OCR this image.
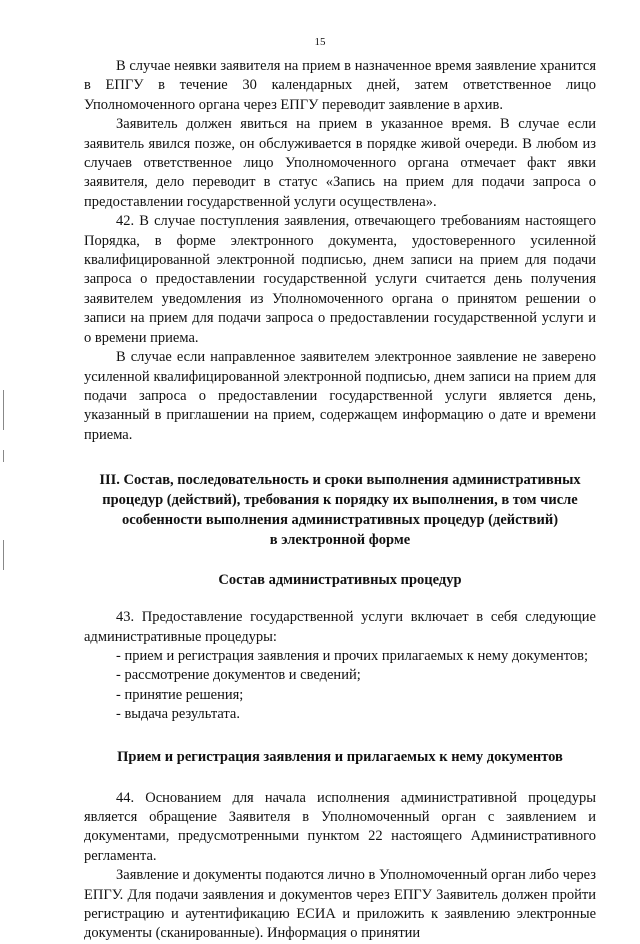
15

В случае неявки заявителя на прием в назначенное время заявление хранится в ЕПГУ в течение 30 календарных дней, затем ответственное лицо Уполномоченного органа через ЕПГУ переводит заявление в архив.

Заявитель должен явиться на прием в указанное время. В случае если заявитель явился позже, он обслуживается в порядке живой очереди. В любом из случаев ответственное лицо Уполномоченного органа отмечает факт явки заявителя, дело переводит в статус «Запись на прием для подачи запроса о предоставлении государственной услуги осуществлена».

42. В случае поступления заявления, отвечающего требованиям настоящего Порядка, в форме электронного документа, удостоверенного усиленной квалифицированной электронной подписью, днем записи на прием для подачи запроса о предоставлении государственной услуги считается день получения заявителем уведомления из Уполномоченного органа о принятом решении о записи на прием для подачи запроса о предоставлении государственной услуги и о времени приема.

В случае если направленное заявителем электронное заявление не заверено усиленной квалифицированной электронной подписью, днем записи на прием для подачи запроса о предоставлении государственной услуги является день, указанный в приглашении на прием, содержащем информацию о дате и времени приема.

III. Состав, последовательность и сроки выполнения административных
процедур (действий), требования к порядку их выполнения, в том числе
особенности выполнения административных процедур (действий)
в электронной форме
Состав административных процедур

43. Предоставление государственной услуги включает в себя следующие административные процедуры:

- прием и регистрация заявления и прочих прилагаемых к нему документов;

- рассмотрение документов и сведений;

- принятие решения;

- выдача результата.

Прием и регистрация заявления и прилагаемых к нему документов

44. Основанием для начала исполнения административной процедуры является обращение Заявителя в Уполномоченный орган с заявлением и документами, предусмотренными пунктом 22 настоящего Административного регламента.

Заявление и документы подаются лично в Уполномоченный орган либо через ЕПГУ. Для подачи заявления и документов через ЕПГУ Заявитель должен пройти регистрацию и аутентификацию ЕСИА и приложить к заявлению электронные документы (сканированные). Информация о принятии
